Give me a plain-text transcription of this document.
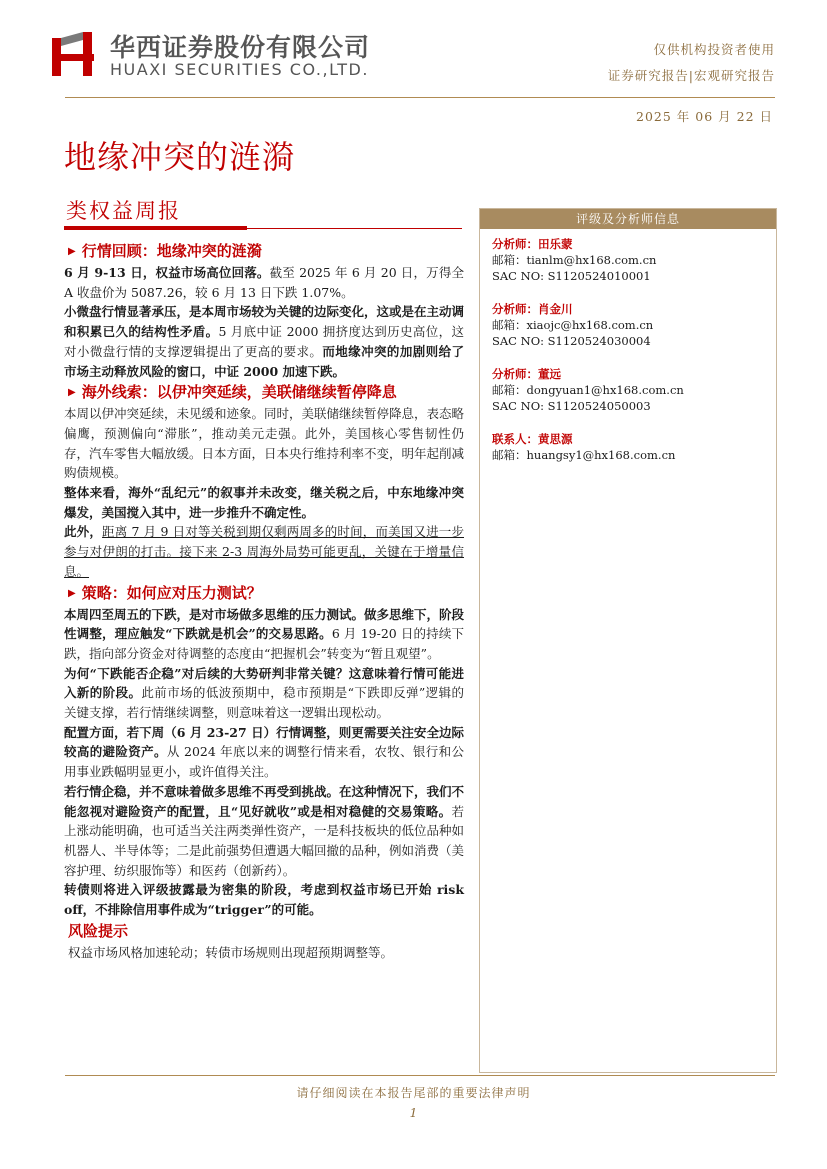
华西证券股份有限公司
HUAXI SECURITIES CO.,LTD.
仅供机构投资者使用
证券研究报告|宏观研究报告
2025 年 06 月 22 日
地缘冲突的涟漪
类权益周报
▶ 行情回顾：地缘冲突的涟漪

6 月 9-13 日，权益市场高位回落。截至 2025 年 6 月 20 日，万得全 A 收盘价为 5087.26，较 6 月 13 日下跌 1.07%。

小微盘行情显著承压，是本周市场较为关键的边际变化，这或是在主动调和积累已久的结构性矛盾。5 月底中证 2000 拥挤度达到历史高位，这对小微盘行情的支撑逻辑提出了更高的要求。而地缘冲突的加剧则给了市场主动释放风险的窗口，中证 2000 加速下跌。

▶ 海外线索：以伊冲突延续，美联储继续暂停降息

本周以伊冲突延续，未见缓和迹象。同时，美联储继续暂停降息，表态略偏鹰，预测偏向“滞胀”，推动美元走强。此外，美国核心零售韧性仍存，汽车零售大幅放缓。日本方面，日本央行维持利率不变，明年起削减购债规模。

整体来看，海外“乱纪元”的叙事并未改变，继关税之后，中东地缘冲突爆发，美国搅入其中，进一步推升不确定性。

此外，距离 7 月 9 日对等关税到期仅剩两周多的时间，而美国又进一步参与对伊朗的打击。接下来 2-3 周海外局势可能更乱，关键在于增量信息。

▶ 策略：如何应对压力测试？

本周四至周五的下跌，是对市场做多思维的压力测试。做多思维下，阶段性调整，理应触发“下跌就是机会”的交易思路。6 月 19-20 日的持续下跌，指向部分资金对待调整的态度由“把握机会”转变为“暂且观望”。

为何“下跌能否企稳”对后续的大势研判非常关键？这意味着行情可能进入新的阶段。此前市场的低波预期中，稳市预期是“下跌即反弹”逻辑的关键支撑，若行情继续调整，则意味着这一逻辑出现松动。

配置方面，若下周（6 月 23-27 日）行情调整，则更需要关注安全边际较高的避险资产。从 2024 年底以来的调整行情来看，农牧、银行和公用事业跌幅明显更小，或许值得关注。

若行情企稳，并不意味着做多思维不再受到挑战。在这种情况下，我们不能忽视对避险资产的配置，且“见好就收”或是相对稳健的交易策略。若上涨动能明确，也可适当关注两类弹性资产，一是科技板块的低位品种如机器人、半导体等；二是此前强势但遭遇大幅回撤的品种，例如消费（美容护理、纺织服饰等）和医药（创新药）。

转债则将进入评级披露最为密集的阶段，考虑到权益市场已开始 risk off，不排除信用事件成为“trigger”的可能。

风险提示

权益市场风格加速轮动；转债市场规则出现超预期调整等。

评级及分析师信息
分析师：田乐蒙
邮箱：tianlm@hx168.com.cn
SAC NO: S1120524010001
分析师：肖金川
邮箱：xiaojc@hx168.com.cn
SAC NO: S1120524030004
分析师：董远
邮箱：dongyuan1@hx168.com.cn
SAC NO: S1120524050003
联系人：黄思源
邮箱：huangsy1@hx168.com.cn
请仔细阅读在本报告尾部的重要法律声明
1
